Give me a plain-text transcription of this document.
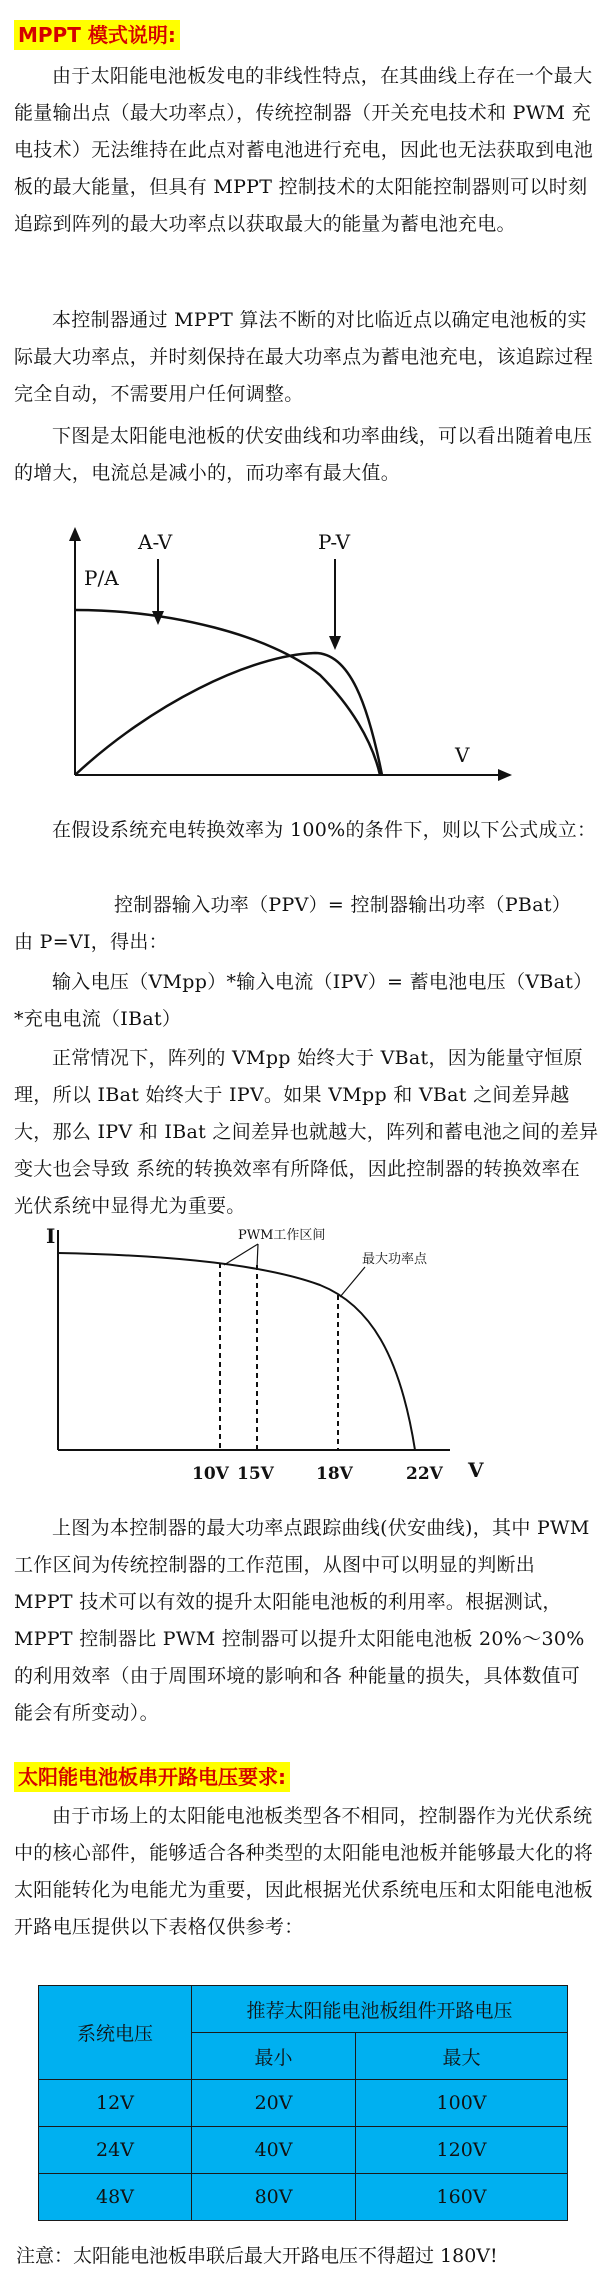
MPPT 模式说明:

由于太阳能电池板发电的非线性特点，在其曲线上存在一个最大能量输出点（最大功率点），传统控制器（开关充电技术和 PWM 充电技术）无法维持在此点对蓄电池进行充电，因此也无法获取到电池板的最大能量，但具有 MPPT 控制技术的太阳能控制器则可以时刻追踪到阵列的最大功率点以获取最大的能量为蓄电池充电。

本控制器通过 MPPT 算法不断的对比临近点以确定电池板的实际最大功率点，并时刻保持在最大功率点为蓄电池充电，该追踪过程完全自动，不需要用户任何调整。

下图是太阳能电池板的伏安曲线和功率曲线，可以看出随着电压的增大，电流总是减小的，而功率有最大值。

P/A
V
A-V	P-V

在假设系统充电转换效率为 100%的条件下，则以下公式成立：

控制器输入功率（PPV）= 控制器输出功率（PBat）

由 P=VI，得出：

输入电压（VMpp）*输入电流（IPV）= 蓄电池电压（VBat）*充电电流（IBat）

正常情况下，阵列的 VMpp 始终大于 VBat，因为能量守恒原理，所以 IBat 始终大于 IPV。如果 VMpp 和 VBat 之间差异越大，那么 IPV 和 IBat 之间差异也就越大，阵列和蓄电池之间的差异变大也会导致 系统的转换效率有所降低，因此控制器的转换效率在光伏系统中显得尤为重要。

I
V
PWM工作区间
最大功率点
10V 15V 18V	22V

上图为本控制器的最大功率点跟踪曲线(伏安曲线)，其中 PWM 工作区间为传统控制器的工作范围，从图中可以明显的判断出 MPPT 技术可以有效的提升太阳能电池板的利用率。根据测试， MPPT 控制器比 PWM 控制器可以提升太阳能电池板 20%～30%的利用效率（由于周围环境的影响和各 种能量的损失，具体数值可能会有所变动）。

太阳能电池板串开路电压要求:

由于市场上的太阳能电池板类型各不相同，控制器作为光伏系统中的核心部件，能够适合各种类型的太阳能电池板并能够最大化的将太阳能转化为电能尤为重要，因此根据光伏系统电压和太阳能电池板开路电压提供以下表格仅供参考：

系统电压	推荐太阳能电池板组件开路电压	
	最小	最大
12V	20V	100V
24V	40V	120V
48V	80V	160V
注意：太阳能电池板串联后最大开路电压不得超过 180V!
